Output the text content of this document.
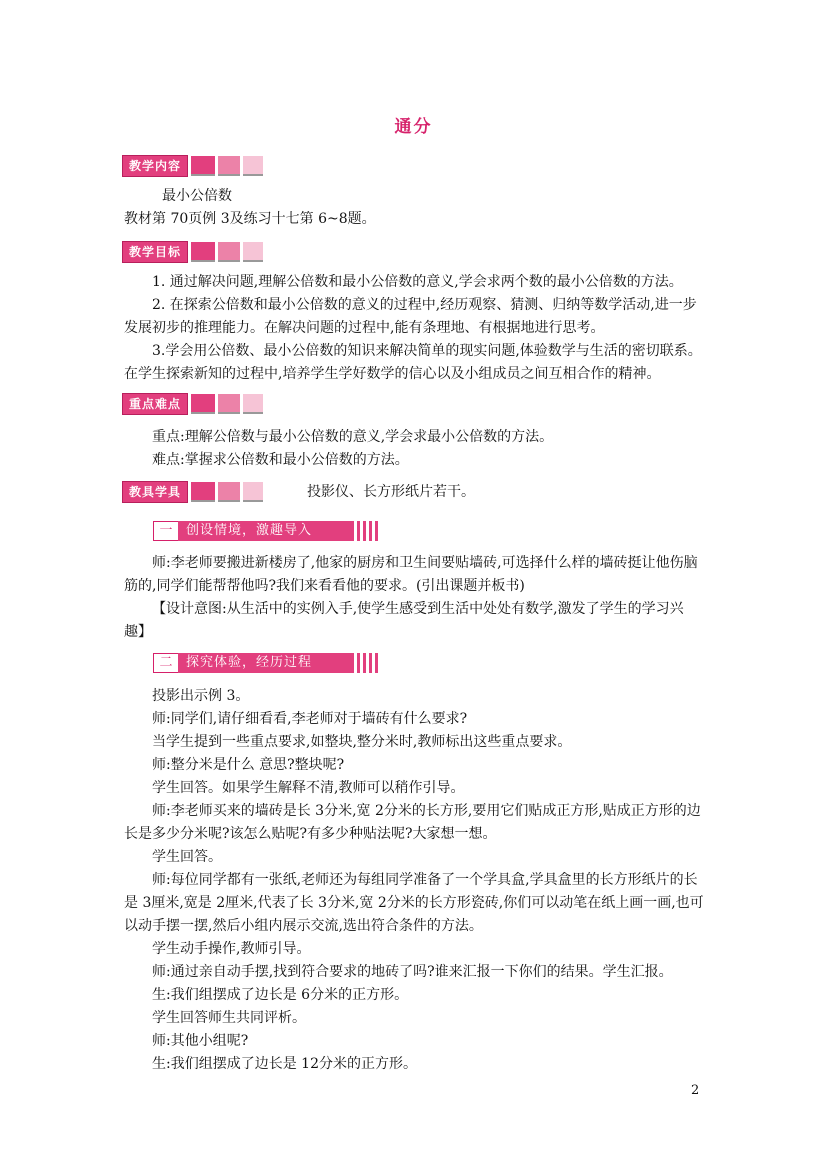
通分
教学内容
最小公倍数
教材第 70页例 3及练习十七第 6~8题。
教学目标

1. 通过解决问题,理解公倍数和最小公倍数的意义,学会求两个数的最小公倍数的方法。

2. 在探索公倍数和最小公倍数的意义的过程中,经历观察、猜测、归纳等数学活动,进一步发展初步的推理能力。在解决问题的过程中,能有条理地、有根据地进行思考。

3.学会用公倍数、最小公倍数的知识来解决简单的现实问题,体验数学与生活的密切联系。在学生探索新知的过程中,培养学生学好数学的信心以及小组成员之间互相合作的精神。

重点难点

重点:理解公倍数与最小公倍数的意义,学会求最小公倍数的方法。

难点:掌握求公倍数和最小公倍数的方法。

教具学具	投影仪、长方形纸片若干。
一	创设情境，激趣导入

师:李老师要搬进新楼房了,他家的厨房和卫生间要贴墙砖,可选择什么样的墙砖挺让他伤脑筋的,同学们能帮帮他吗?我们来看看他的要求。(引出课题并板书)

【设计意图:从生活中的实例入手,使学生感受到生活中处处有数学,激发了学生的学习兴趣】

二	探究体验，经历过程

投影出示例 3。

师:同学们,请仔细看看,李老师对于墙砖有什么要求?

当学生提到一些重点要求,如整块,整分米时,教师标出这些重点要求。

师:整分米是什么 意思?整块呢?

学生回答。如果学生解释不清,教师可以稍作引导。

师:李老师买来的墙砖是长 3分米,宽 2分米的长方形,要用它们贴成正方形,贴成正方形的边长是多少分米呢?该怎么贴呢?有多少种贴法呢?大家想一想。

学生回答。

师:每位同学都有一张纸,老师还为每组同学准备了一个学具盒,学具盒里的长方形纸片的长是 3厘米,宽是 2厘米,代表了长 3分米,宽 2分米的长方形瓷砖,你们可以动笔在纸上画一画,也可以动手摆一摆,然后小组内展示交流,选出符合条件的方法。

学生动手操作,教师引导。

师:通过亲自动手摆,找到符合要求的地砖了吗?谁来汇报一下你们的结果。学生汇报。

生:我们组摆成了边长是 6分米的正方形。

学生回答师生共同评析。

师:其他小组呢?

生:我们组摆成了边长是 12分米的正方形。

2
